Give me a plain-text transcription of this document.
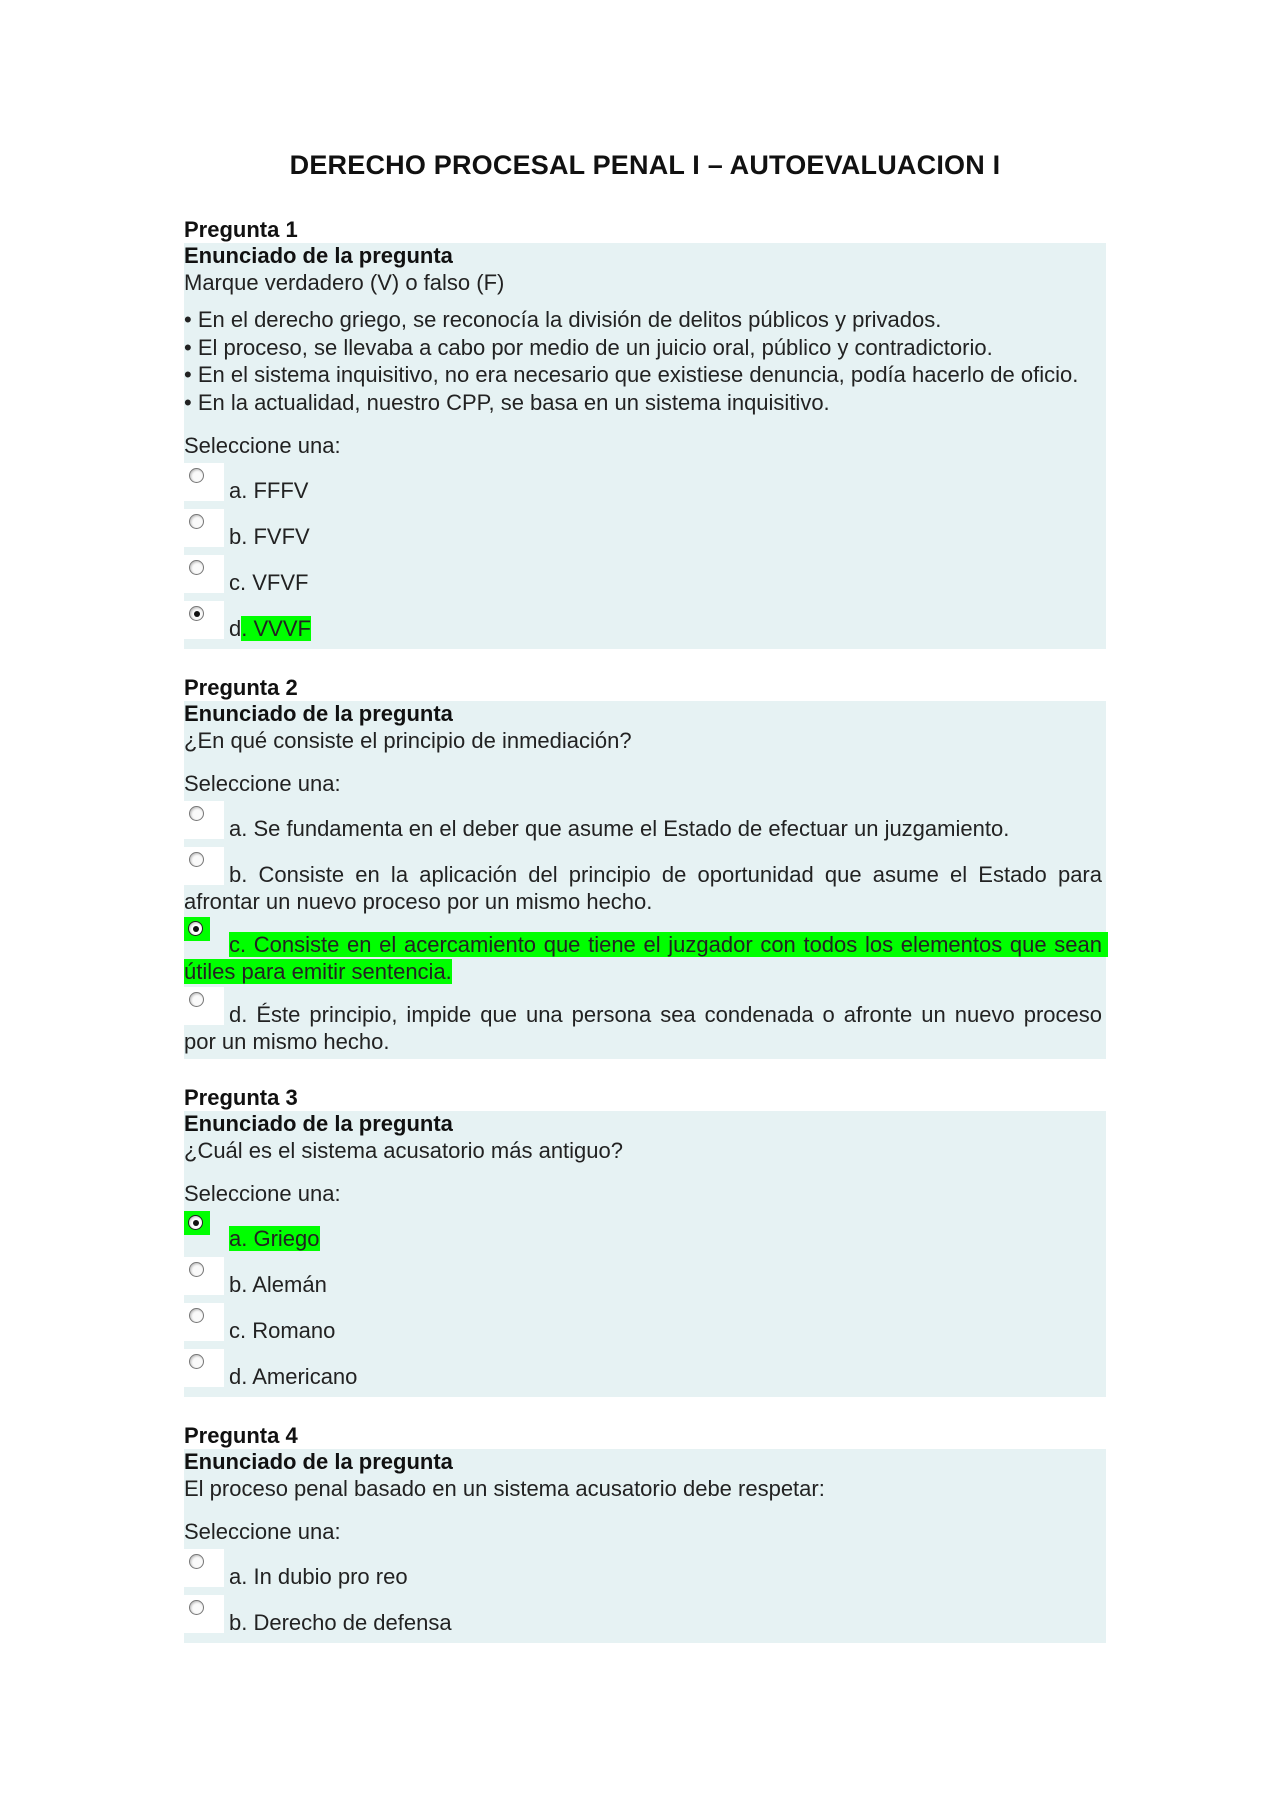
DERECHO PROCESAL PENAL I – AUTOEVALUACION I
Pregunta 1
Enunciado de la pregunta
Marque verdadero (V) o falso (F)
• En el derecho griego, se reconocía la división de delitos públicos y privados.
• El proceso, se llevaba a cabo por medio de un juicio oral, público y contradictorio.
• En el sistema inquisitivo, no era necesario que existiese denuncia, podía hacerlo de oficio.
• En la actualidad, nuestro CPP, se basa en un sistema inquisitivo.
Seleccione una:
a. FFFV
b. FVFV
c. VFVF
d. VVVF
Pregunta 2
Enunciado de la pregunta
¿En qué consiste el principio de inmediación?
Seleccione una:
a. Se fundamenta en el deber que asume el Estado de efectuar un juzgamiento.
b. Consiste en la aplicación del principio de oportunidad que asume el Estado para afrontar un nuevo proceso por un mismo hecho.
c. Consiste en el acercamiento que tiene el juzgador con todos los elementos que sean útiles para emitir sentencia.
d. Éste principio, impide que una persona sea condenada o afronte un nuevo proceso por un mismo hecho.
Pregunta 3
Enunciado de la pregunta
¿Cuál es el sistema acusatorio más antiguo?
Seleccione una:
a. Griego
b. Alemán
c. Romano
d. Americano
Pregunta 4
Enunciado de la pregunta
El proceso penal basado en un sistema acusatorio debe respetar:
Seleccione una:
a. In dubio pro reo
b. Derecho de defensa
